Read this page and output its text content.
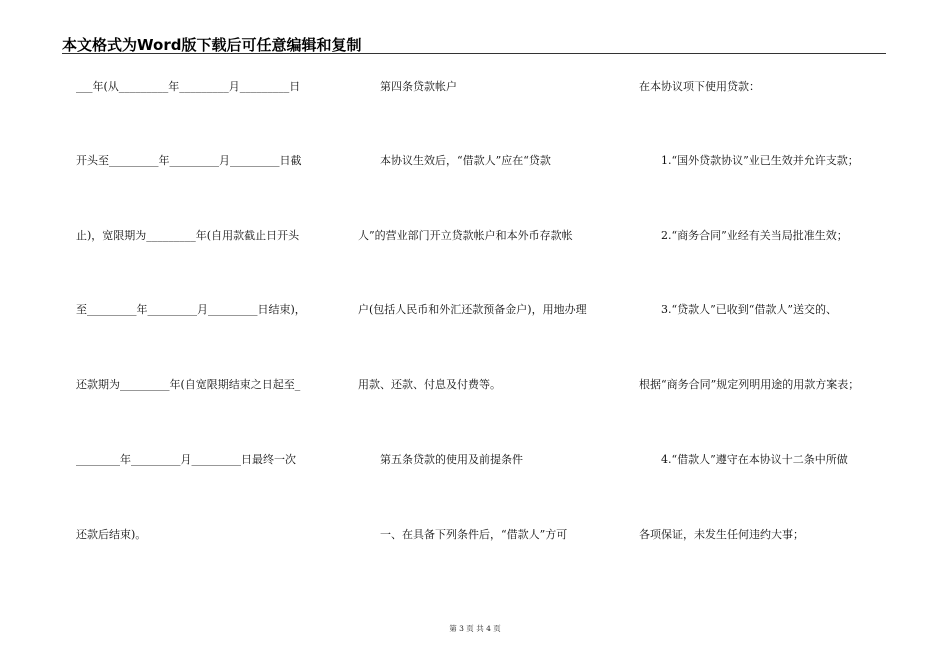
本文格式为Word版下载后可任意编辑和复制
___年(从_________年_________月_________日
开头至_________年_________月_________日截
止)，宽限期为_________年(自用款截止日开头
至_________年_________月_________日结束)，
还款期为_________年(自宽限期结束之日起至_
________年_________月_________日最终一次
还款后结束)。
　　第四条贷款帐户
　　本协议生效后，“借款人”应在“贷款
人”的营业部门开立贷款帐户和本外币存款帐
户(包括人民币和外汇还款预备金户)，用地办理
用款、还款、付息及付费等。
　　第五条贷款的使用及前提条件
　　一、在具备下列条件后，“借款人”方可
在本协议项下使用贷款：
　　1.“国外贷款协议”业已生效并允许支款；
　　2.“商务合同”业经有关当局批准生效；
　　3.“贷款人”已收到“借款人”送交的、
根据“商务合同”规定列明用途的用款方案表；
　　4.“借款人”遵守在本协议十二条中所做
各项保证，未发生任何违约大事；
第 3 页 共 4 页
